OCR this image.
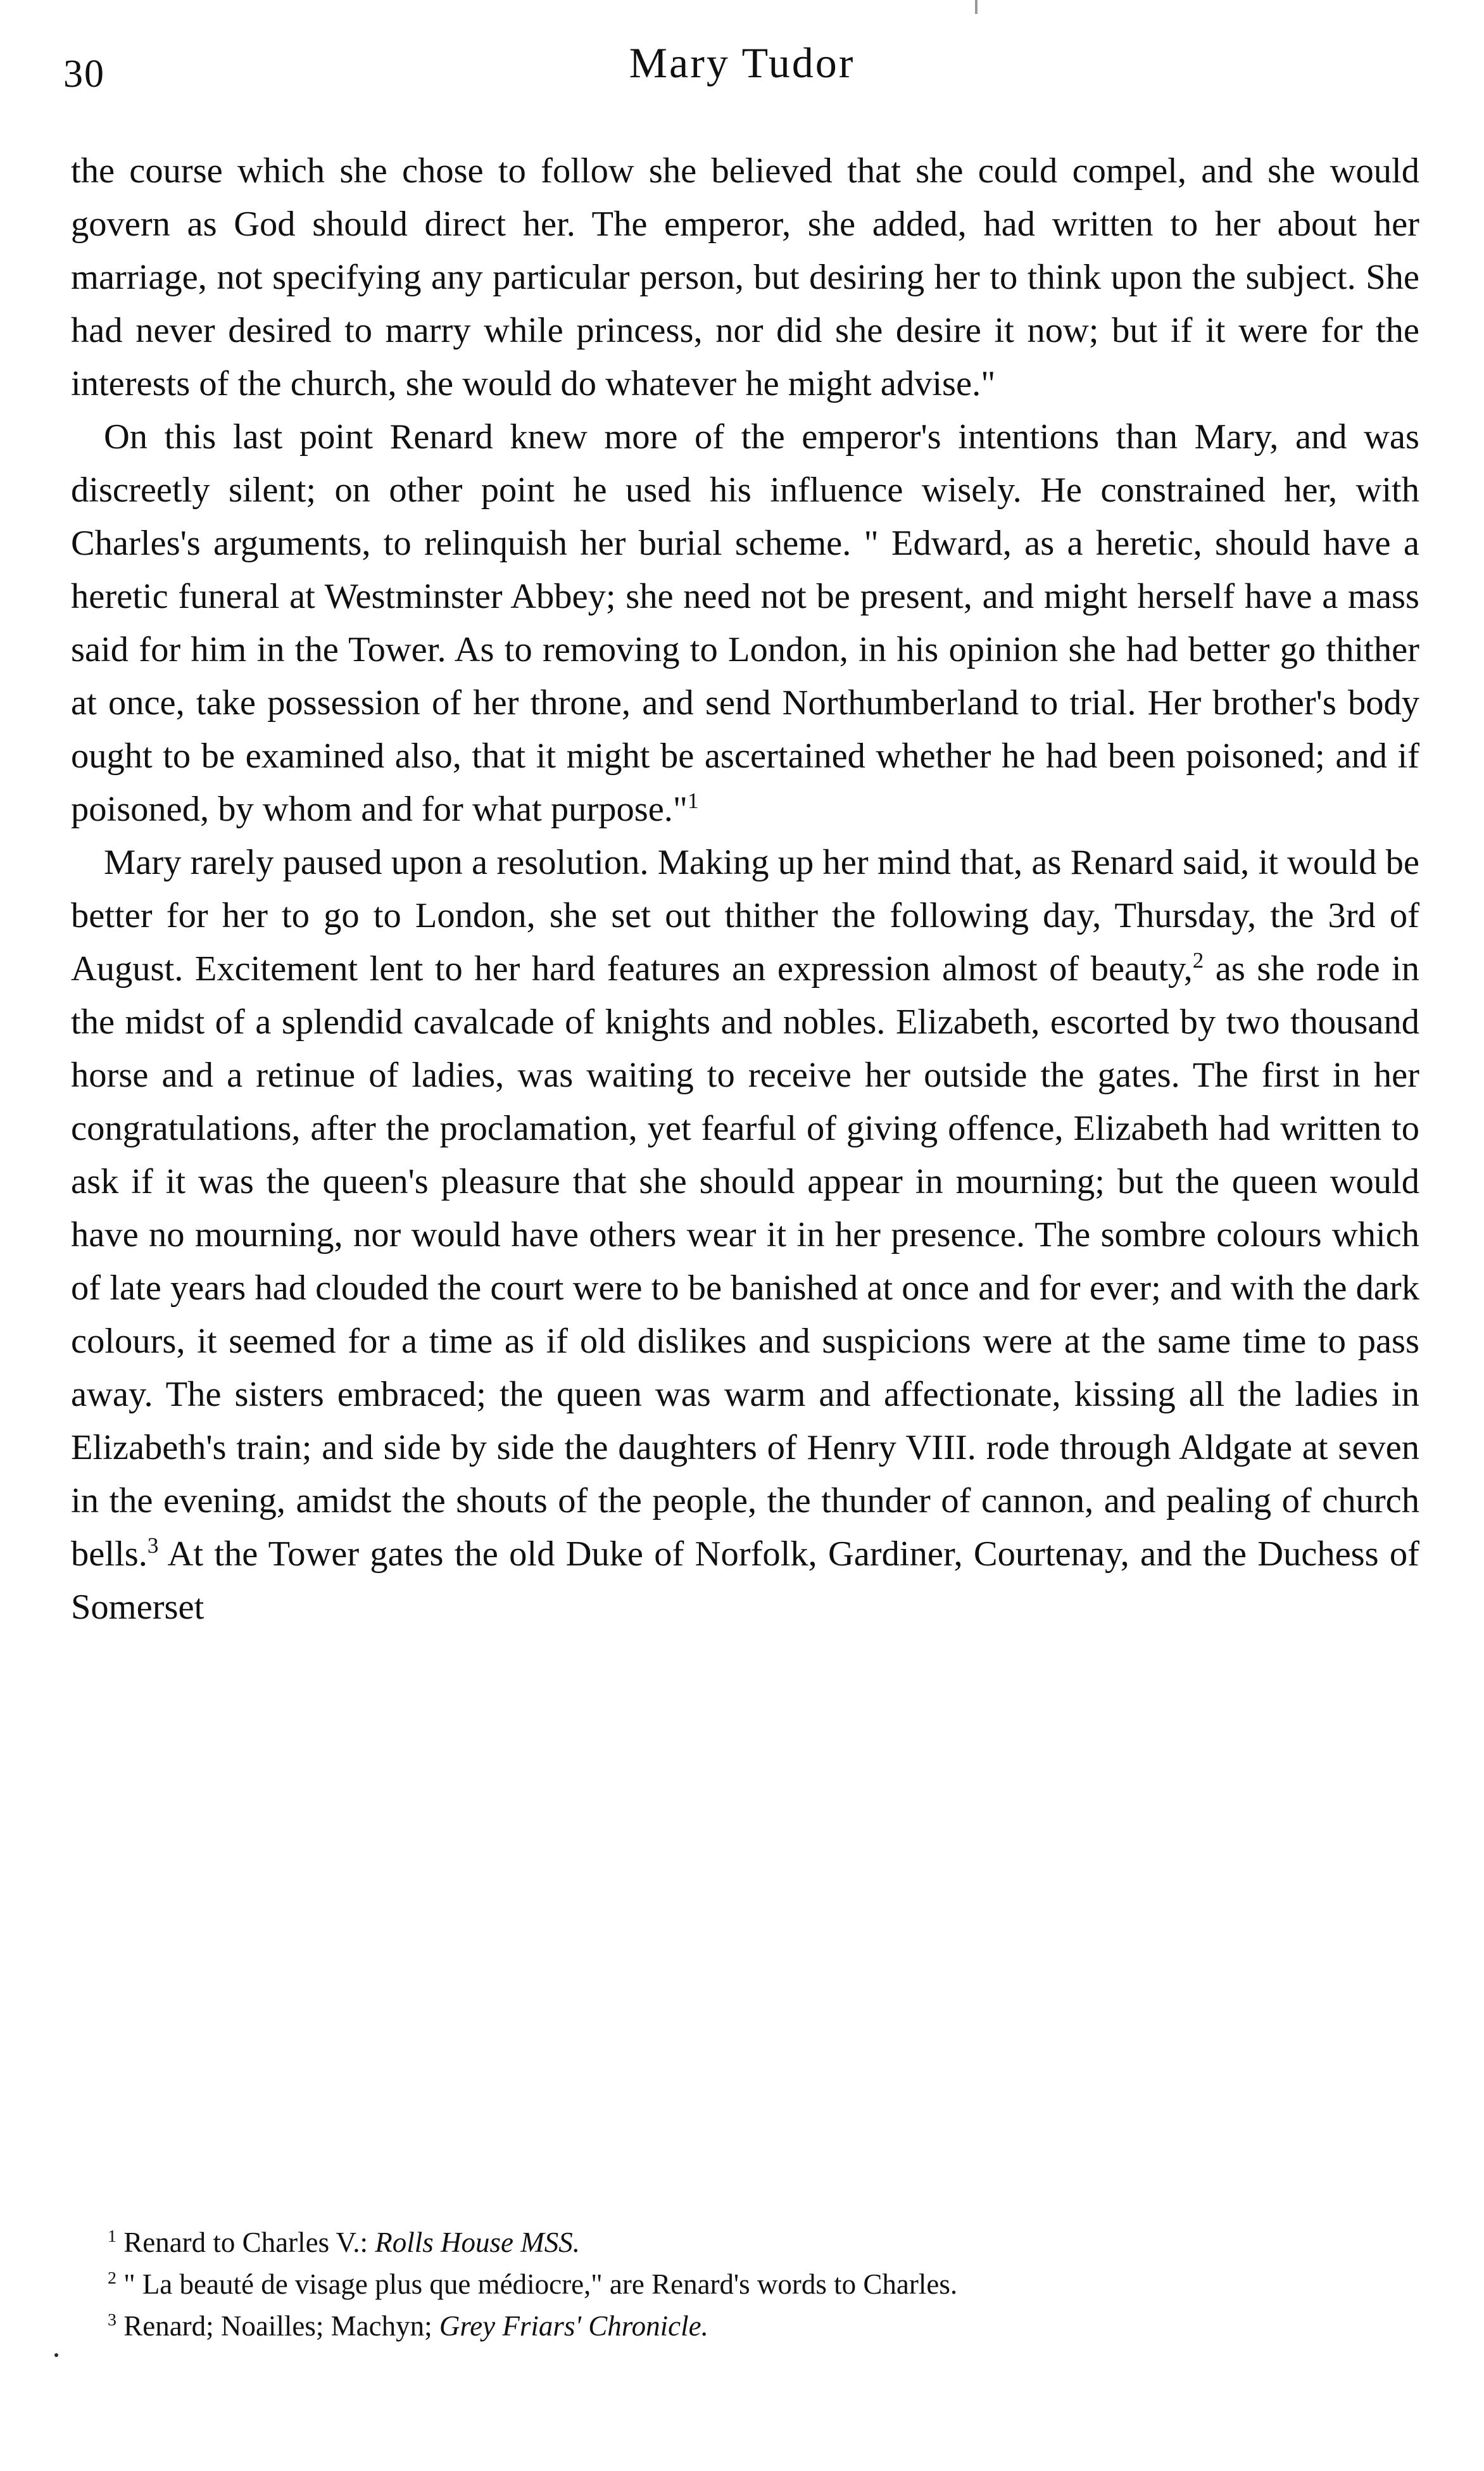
30	Mary Tudor

the course which she chose to follow she believed that she could compel, and she would govern as God should direct her. The emperor, she added, had written to her about her marriage, not specifying any particular person, but desiring her to think upon the subject. She had never desired to marry while princess, nor did she desire it now; but if it were for the interests of the church, she would do whatever he might advise."

On this last point Renard knew more of the emperor's intentions than Mary, and was discreetly silent; on other point he used his influence wisely. He constrained her, with Charles's arguments, to relinquish her burial scheme. " Edward, as a heretic, should have a heretic funeral at Westminster Abbey; she need not be present, and might herself have a mass said for him in the Tower. As to removing to London, in his opinion she had better go thither at once, take possession of her throne, and send Northumberland to trial. Her brother's body ought to be examined also, that it might be ascertained whether he had been poisoned; and if poisoned, by whom and for what purpose."$^1$

Mary rarely paused upon a resolution. Making up her mind that, as Renard said, it would be better for her to go to London, she set out thither the following day, Thursday, the 3rd of August. Excitement lent to her hard features an expression almost of beauty,$^2$ as she rode in the midst of a splendid cavalcade of knights and nobles. Elizabeth, escorted by two thousand horse and a retinue of ladies, was waiting to receive her outside the gates. The first in her congratulations, after the proclamation, yet fearful of giving offence, Elizabeth had written to ask if it was the queen's pleasure that she should appear in mourning; but the queen would have no mourning, nor would have others wear it in her presence. The sombre colours which of late years had clouded the court were to be banished at once and for ever; and with the dark colours, it seemed for a time as if old dislikes and suspicions were at the same time to pass away. The sisters embraced; the queen was warm and affectionate, kissing all the ladies in Elizabeth's train; and side by side the daughters of Henry VIII. rode through Aldgate at seven in the evening, amidst the shouts of the people, the thunder of cannon, and pealing of church bells.$^3$ At the Tower gates the old Duke of Norfolk, Gardiner, Courtenay, and the Duchess of Somerset

$^1$ Renard to Charles V.: Rolls House MSS.

$^2$ " La beauté de visage plus que médiocre," are Renard's words to Charles.

$^3$ Renard; Noailles; Machyn; Grey Friars' Chronicle.
